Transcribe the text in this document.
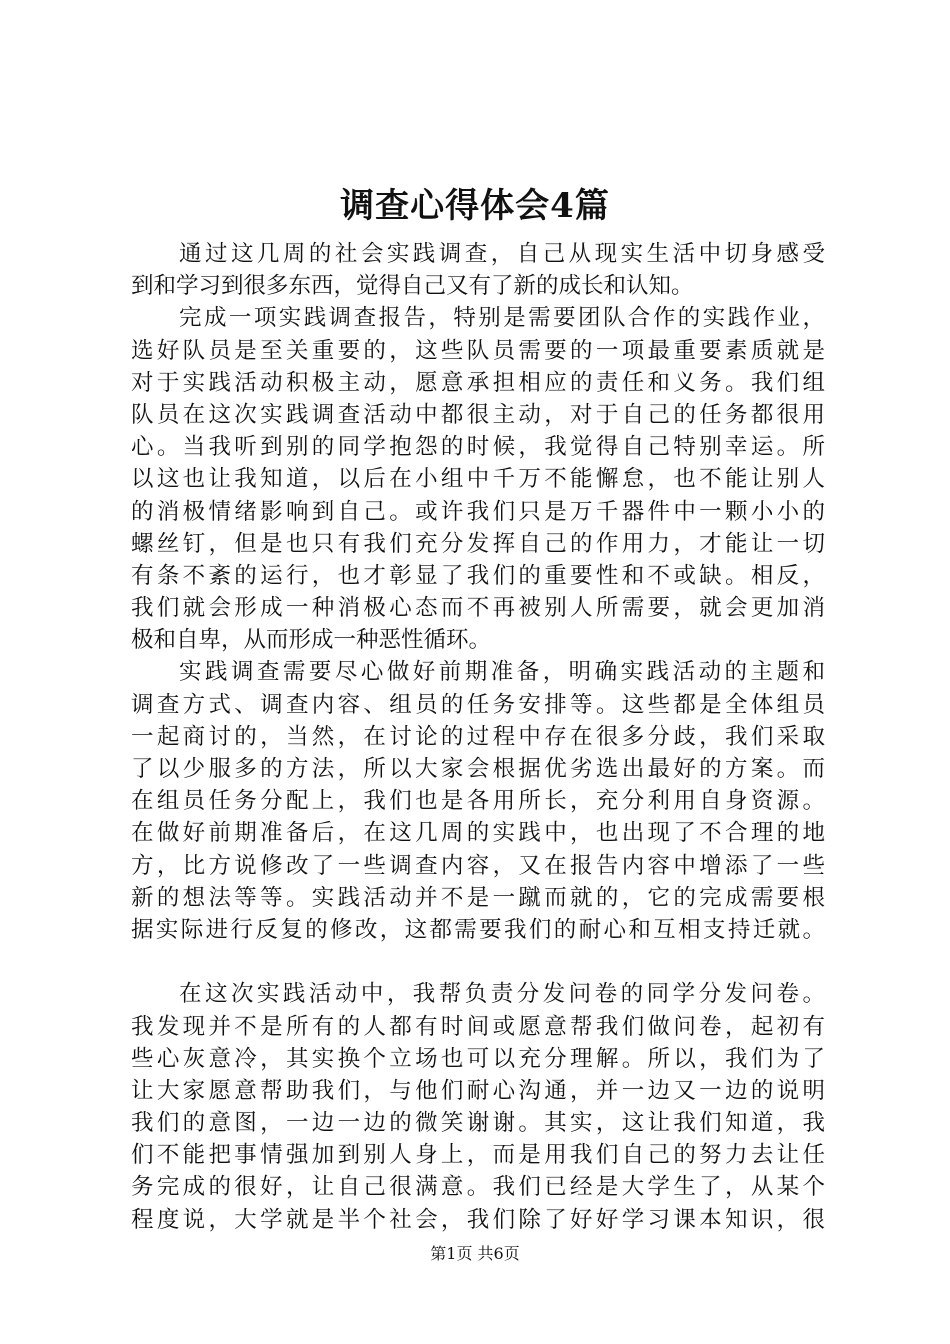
调查心得体会4篇
通过这几周的社会实践调查，自己从现实生活中切身感受
到和学习到很多东西，觉得自己又有了新的成长和认知。
完成一项实践调查报告，特别是需要团队合作的实践作业，
选好队员是至关重要的，这些队员需要的一项最重要素质就是
对于实践活动积极主动，愿意承担相应的责任和义务。我们组
队员在这次实践调查活动中都很主动，对于自己的任务都很用
心。当我听到别的同学抱怨的时候，我觉得自己特别幸运。所
以这也让我知道，以后在小组中千万不能懈怠，也不能让别人
的消极情绪影响到自己。或许我们只是万千器件中一颗小小的
螺丝钉，但是也只有我们充分发挥自己的作用力，才能让一切
有条不紊的运行，也才彰显了我们的重要性和不或缺。相反，
我们就会形成一种消极心态而不再被别人所需要，就会更加消
极和自卑，从而形成一种恶性循环。
实践调查需要尽心做好前期准备，明确实践活动的主题和
调查方式、调查内容、组员的任务安排等。这些都是全体组员
一起商讨的，当然，在讨论的过程中存在很多分歧，我们采取
了以少服多的方法，所以大家会根据优劣选出最好的方案。而
在组员任务分配上，我们也是各用所长，充分利用自身资源。
在做好前期准备后，在这几周的实践中，也出现了不合理的地
方，比方说修改了一些调查内容，又在报告内容中增添了一些
新的想法等等。实践活动并不是一蹴而就的，它的完成需要根
据实际进行反复的修改，这都需要我们的耐心和互相支持迁就。
在这次实践活动中，我帮负责分发问卷的同学分发问卷。
我发现并不是所有的人都有时间或愿意帮我们做问卷，起初有
些心灰意冷，其实换个立场也可以充分理解。所以，我们为了
让大家愿意帮助我们，与他们耐心沟通，并一边又一边的说明
我们的意图，一边一边的微笑谢谢。其实，这让我们知道，我
们不能把事情强加到别人身上，而是用我们自己的努力去让任
务完成的很好，让自己很满意。我们已经是大学生了，从某个
程度说，大学就是半个社会，我们除了好好学习课本知识，很
第1页 共6页
